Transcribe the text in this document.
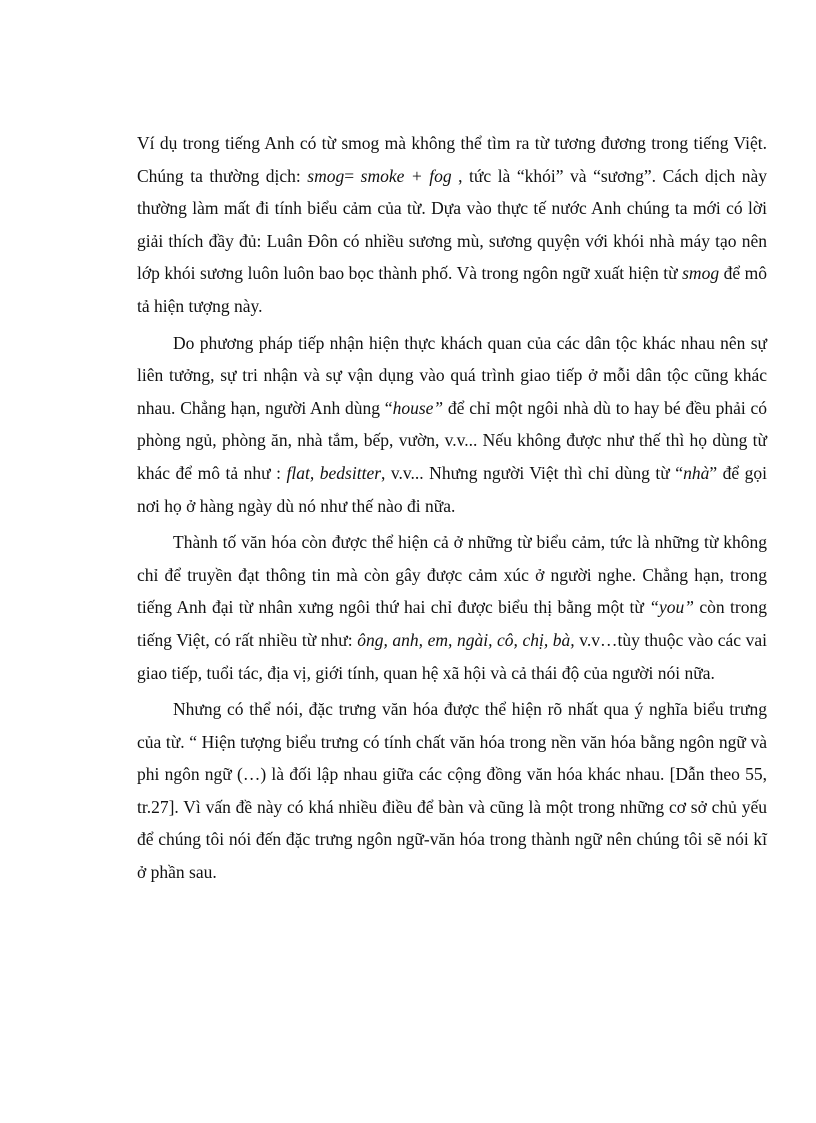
Ví dụ trong tiếng Anh có từ smog mà không thể tìm ra từ tương đương trong tiếng Việt. Chúng ta thường dịch: smog= smoke + fog , tức là “khói” và “sương”. Cách dịch này thường làm mất đi tính biểu cảm của từ. Dựa vào thực tế nước Anh chúng ta mới có lời giải thích đầy đủ: Luân Đôn có nhiều sương mù, sương quyện với khói nhà máy tạo nên lớp khói sương luôn luôn bao bọc thành phố. Và trong ngôn ngữ xuất hiện từ smog để mô tả hiện tượng này.

Do phương pháp tiếp nhận hiện thực khách quan của các dân tộc khác nhau nên sự liên tưởng, sự tri nhận và sự vận dụng vào quá trình giao tiếp ở mỗi dân tộc cũng khác nhau. Chẳng hạn, người Anh dùng “house” để chỉ một ngôi nhà dù to hay bé đều phải có phòng ngủ, phòng ăn, nhà tắm, bếp, vườn, v.v... Nếu không được như thế thì họ dùng từ khác để mô tả như : flat, bedsitter, v.v... Nhưng người Việt thì chỉ dùng từ “nhà” để gọi nơi họ ở hàng ngày dù nó như thế nào đi nữa.

Thành tố văn hóa còn được thể hiện cả ở những từ biểu cảm, tức là những từ không chỉ để truyền đạt thông tin mà còn gây được cảm xúc ở người nghe. Chẳng hạn, trong tiếng Anh đại từ nhân xưng ngôi thứ hai chỉ được biểu thị bằng một từ “you” còn trong tiếng Việt, có rất nhiều từ như: ông, anh, em, ngài, cô, chị, bà, v.v…tùy thuộc vào các vai giao tiếp, tuổi tác, địa vị, giới tính, quan hệ xã hội và cả thái độ của người nói nữa.

Nhưng có thể nói, đặc trưng văn hóa được thể hiện rõ nhất qua ý nghĩa biểu trưng của từ. “ Hiện tượng biểu trưng có tính chất văn hóa trong nền văn hóa bằng ngôn ngữ và phi ngôn ngữ (…) là đối lập nhau giữa các cộng đồng văn hóa khác nhau. [Dẫn theo 55, tr.27]. Vì vấn đề này có khá nhiều điều để bàn và cũng là một trong những cơ sở chủ yếu để chúng tôi nói đến đặc trưng ngôn ngữ-văn hóa trong thành ngữ nên chúng tôi sẽ nói kĩ ở phần sau.
